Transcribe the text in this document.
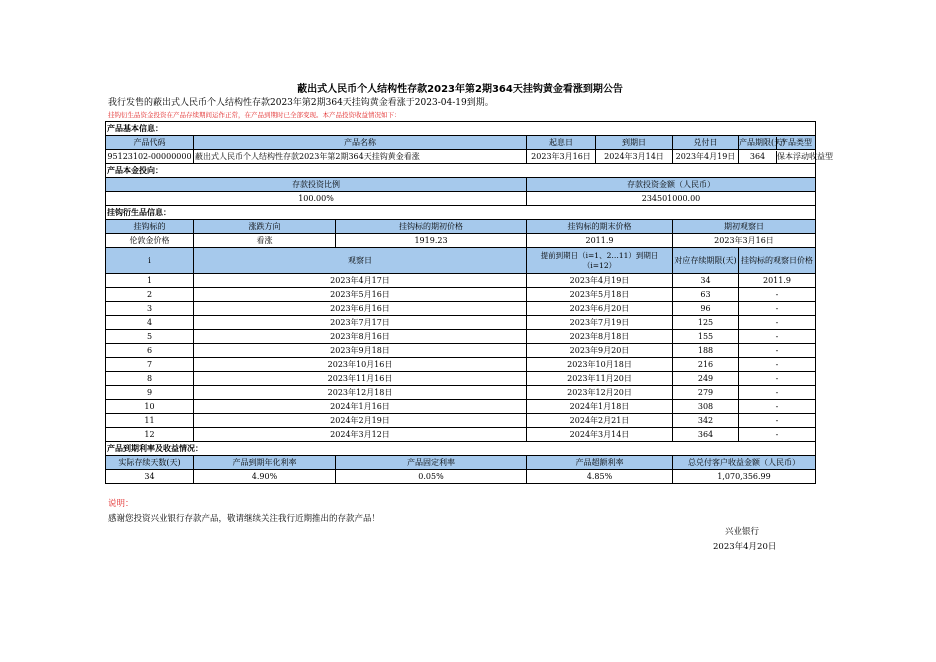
蔽出式人民币个人结构性存款2023年第2期364天挂钩黄金看涨到期公告
我行发售的蔽出式人民币个人结构性存款2023年第2期364天挂钩黄金看涨于2023-04-19到期。
挂钩衍生品资金投资在产品存续期间运作正常，在产品到期时已全部变现。本产品投资收益情况如下：
产品基本信息：						
产品代码	产品名称		起息日	到期日	兑付日	产品期限(天)产品类型
95123102-00000000	蔽出式人民币个人结构性存款2023年第2期364天挂钩黄金看涨		2023年3月16日	2024年3月14日	2023年4月19日	364 保本浮动收益型
产品本金投向：						
存款投资比例			存款投资金额（人民币）			
100.00%			234501000.00			
挂钩衍生品信息：						
挂钩标的	涨跌方向	挂钩标的期初价格	挂钩标的期末价格		期初观察日	
伦敦金价格	看涨	1919.23	2011.9		2023年3月16日	
i	观察日		提前到期日（i=1、2…11）到期日（i=12）		对应存续期限(天)	挂钩标的观察日价格
1	2023年4月17日		2023年4月19日		34	2011.9
2	2023年5月16日		2023年5月18日		63	-
3	2023年6月16日		2023年6月20日		96	-
4	2023年7月17日		2023年7月19日		125	-
5	2023年8月16日		2023年8月18日		155	-
6	2023年9月18日		2023年9月20日		188	-
7	2023年10月16日		2023年10月18日		216	-
8	2023年11月16日		2023年11月20日		249	-
9	2023年12月18日		2023年12月20日		279	-
10	2024年1月16日		2024年1月18日		308	-
11	2024年2月19日		2024年2月21日		342	-
12	2024年3月12日		2024年3月14日		364	-
产品到期利率及收益情况：						
实际存续天数(天)	产品到期年化利率	产品固定利率	产品超额利率		总兑付客户收益金额（人民币）	
34	4.90%	0.05%	4.85%		1,070,356.99	
说明：
感谢您投资兴业银行存款产品，敬请继续关注我行近期推出的存款产品！
兴业银行
2023年4月20日
